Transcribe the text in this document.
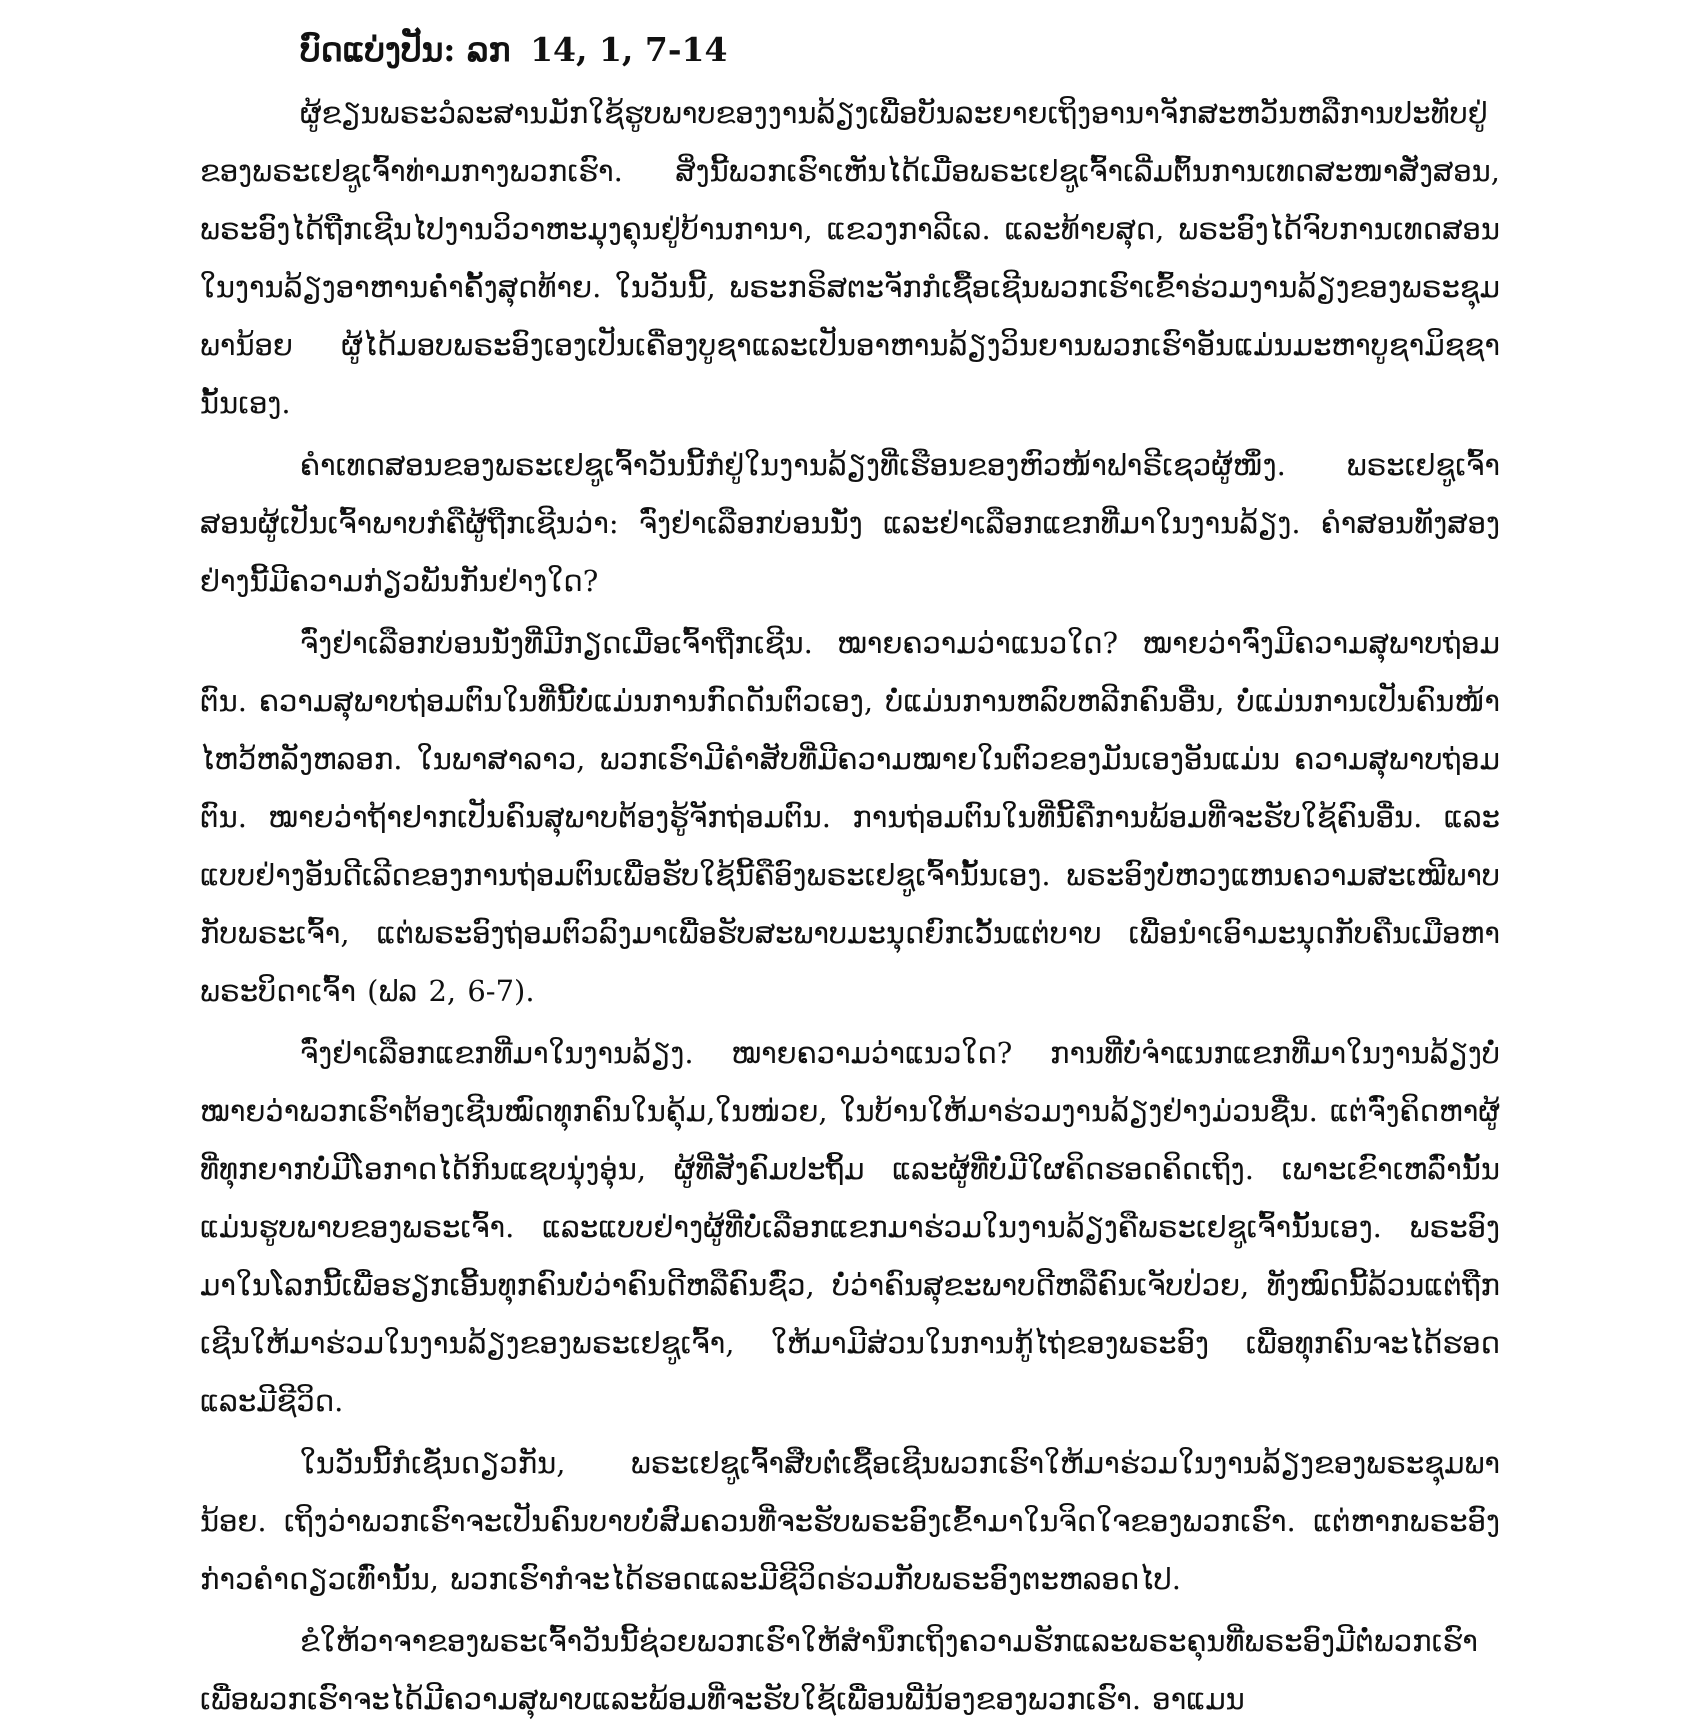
ບົດແບ່ງປັນ: ລກ 14, 1, 7-14

ຜູ້ຂຽນພຣະວໍລະສານມັກໃຊ້ຮູບພາບຂອງງານລ້ຽງເພື່ອບັນລະຍາຍເຖິງອານາຈັກສະຫວັນຫລືການປະທັບຢູ່ຂອງພຣະເຢຊູເຈົ້າທ່າມກາງພວກເຮົາ. ສິ່ງນີ້ພວກເຮົາເຫັນໄດ້ເມື່ອພຣະເຢຊູເຈົ້າເລີ່ມຕົ້ນການເທດສະໜາສັ່ງສອນ, ພຣະອົງໄດ້ຖືກເຊີນໄປງານວິວາຫະມຸງຄຸນຢູ່ບ້ານການາ, ແຂວງກາລີເລ. ແລະທ້າຍສຸດ, ພຣະອົງໄດ້ຈົບການເທດສອນໃນງານລ້ຽງອາຫານຄ່ຳຄັ້ງສຸດທ້າຍ. ໃນວັນນີ້, ພຣະກຣິສຕະຈັກກໍເຊື້ອເຊີນພວກເຮົາເຂົ້າຮ່ວມງານລ້ຽງຂອງພຣະຊຸມພານ້ອຍ ຜູ້ໄດ້ມອບພຣະອົງເອງເປັນເຄື່ອງບູຊາແລະເປັນອາຫານລ້ຽງວິນຍານພວກເຮົາອັນແມ່ນມະຫາບູຊາມິຊຊານັ້ນເອງ.

ຄຳເທດສອນຂອງພຣະເຢຊູເຈົ້າວັນນີ້ກໍຢູ່ໃນງານລ້ຽງທີ່ເຮືອນຂອງຫົວໜ້າຟາຣີເຊວຜູ້ໜຶ່ງ. ພຣະເຢຊູເຈົ້າສອນຜູ້ເປັນເຈົ້າພາບກໍຄືຜູ້ຖືກເຊີນວ່າ: ຈົ່ງຢ່າເລືອກບ່ອນນັ່ງ ແລະຢ່າເລືອກແຂກທີ່ມາໃນງານລ້ຽງ. ຄຳສອນທັງສອງຢ່າງນີ້ມີຄວາມກ່ຽວພັນກັນຢ່າງໃດ?

ຈົ່ງຢ່າເລືອກບ່ອນນັ່ງທີ່ມີກຽດເມື່ອເຈົ້າຖືກເຊີນ. ໝາຍຄວາມວ່າແນວໃດ? ໝາຍວ່າຈົ່ງມີຄວາມສຸພາບຖ່ອມຕົນ. ຄວາມສຸພາບຖ່ອມຕົນໃນທີ່ນີ້ບໍ່ແມ່ນການກົດດັນຕົວເອງ, ບໍ່ແມ່ນການຫລົບຫລີກຄົນອື່ນ, ບໍ່ແມ່ນການເປັນຄົນໜ້າໄຫວ້ຫລັງຫລອກ. ໃນພາສາລາວ, ພວກເຮົາມີຄຳສັບທີ່ມີຄວາມໝາຍໃນຕົວຂອງມັນເອງອັນແມ່ນ ຄວາມສຸພາບຖ່ອມຕົນ. ໝາຍວ່າຖ້າຢາກເປັນຄົນສຸພາບຕ້ອງຮູ້ຈັກຖ່ອມຕົນ. ການຖ່ອມຕົນໃນທີ່ນີ້ຄືການພ້ອມທີ່ຈະຮັບໃຊ້ຄົນອື່ນ. ແລະແບບຢ່າງອັນດີເລີດຂອງການຖ່ອມຕົນເພື່ອຮັບໃຊ້ນີ້ຄືອົງພຣະເຢຊູເຈົ້ານັ້ນເອງ. ພຣະອົງບໍ່ຫວງແຫນຄວາມສະເໝີພາບກັບພຣະເຈົ້າ, ແຕ່ພຣະອົງຖ່ອມຕົວລົງມາເພື່ອຮັບສະພາບມະນຸດຍົກເວັ້ນແຕ່ບາບ ເພື່ອນຳເອົາມະນຸດກັບຄືນເມືອຫາພຣະບິດາເຈົ້າ (ຟລ 2, 6-7).

ຈົ່ງຢ່າເລືອກແຂກທີ່ມາໃນງານລ້ຽງ. ໝາຍຄວາມວ່າແນວໃດ? ການທີ່ບໍ່ຈຳແນກແຂກທີ່ມາໃນງານລ້ຽງບໍ່ໝາຍວ່າພວກເຮົາຕ້ອງເຊີນໝົດທຸກຄົນໃນຄຸ້ມ,ໃນໜ່ວຍ, ໃນບ້ານໃຫ້ມາຮ່ວມງານລ້ຽງຢ່າງມ່ວນຊື່ນ. ແຕ່ຈົ່ງຄິດຫາຜູ້ທີ່ທຸກຍາກບໍ່ມີໂອກາດໄດ້ກິນແຊບນຸ່ງອຸ່ນ, ຜູ້ທີ່ສັງຄົມປະຖິ້ມ ແລະຜູ້ທີ່ບໍ່ມີໃຜຄິດຮອດຄິດເຖິງ. ເພາະເຂົາເຫລົ່ານັ້ນແມ່ນຮູບພາບຂອງພຣະເຈົ້າ. ແລະແບບຢ່າງຜູ້ທີ່ບໍ່ເລືອກແຂກມາຮ່ວມໃນງານລ້ຽງຄືພຣະເຢຊູເຈົ້ານັ້ນເອງ. ພຣະອົງມາໃນໂລກນີ້ເພື່ອຮຽກເອີ້ນທຸກຄົນບໍ່ວ່າຄົນດີຫລືຄົນຊົ່ວ, ບໍ່ວ່າຄົນສຸຂະພາບດີຫລືຄົນເຈັບປ່ວຍ, ທັງໝົດນີ້ລ້ວນແຕ່ຖືກເຊີນໃຫ້ມາຮ່ວມໃນງານລ້ຽງຂອງພຣະເຢຊູເຈົ້າ, ໃຫ້ມາມີສ່ວນໃນການກູ້ໄຖ່ຂອງພຣະອົງ ເພື່ອທຸກຄົນຈະໄດ້ຮອດແລະມີຊີວິດ.

ໃນວັນນີ້ກໍເຊັ່ນດຽວກັນ, ພຣະເຢຊູເຈົ້າສືບຕໍ່ເຊື້ອເຊີນພວກເຮົາໃຫ້ມາຮ່ວມໃນງານລ້ຽງຂອງພຣະຊຸມພານ້ອຍ. ເຖິງວ່າພວກເຮົາຈະເປັນຄົນບາບບໍ່ສົມຄວນທີ່ຈະຮັບພຣະອົງເຂົ້າມາໃນຈິດໃຈຂອງພວກເຮົາ. ແຕ່ຫາກພຣະອົງກ່າວຄຳດຽວເທົ່ານັ້ນ, ພວກເຮົາກໍຈະໄດ້ຮອດແລະມີຊີວິດຮ່ວມກັບພຣະອົງຕະຫລອດໄປ.

ຂໍໃຫ້ວາຈາຂອງພຣະເຈົ້າວັນນີ້ຊ່ວຍພວກເຮົາໃຫ້ສຳນຶກເຖິງຄວາມຮັກແລະພຣະຄຸນທີ່ພຣະອົງມີຕໍ່ພວກເຮົາ ເພື່ອພວກເຮົາຈະໄດ້ມີຄວາມສຸພາບແລະພ້ອມທີ່ຈະຮັບໃຊ້ເພື່ອນພີ່ນ້ອງຂອງພວກເຮົາ. ອາແມນ
